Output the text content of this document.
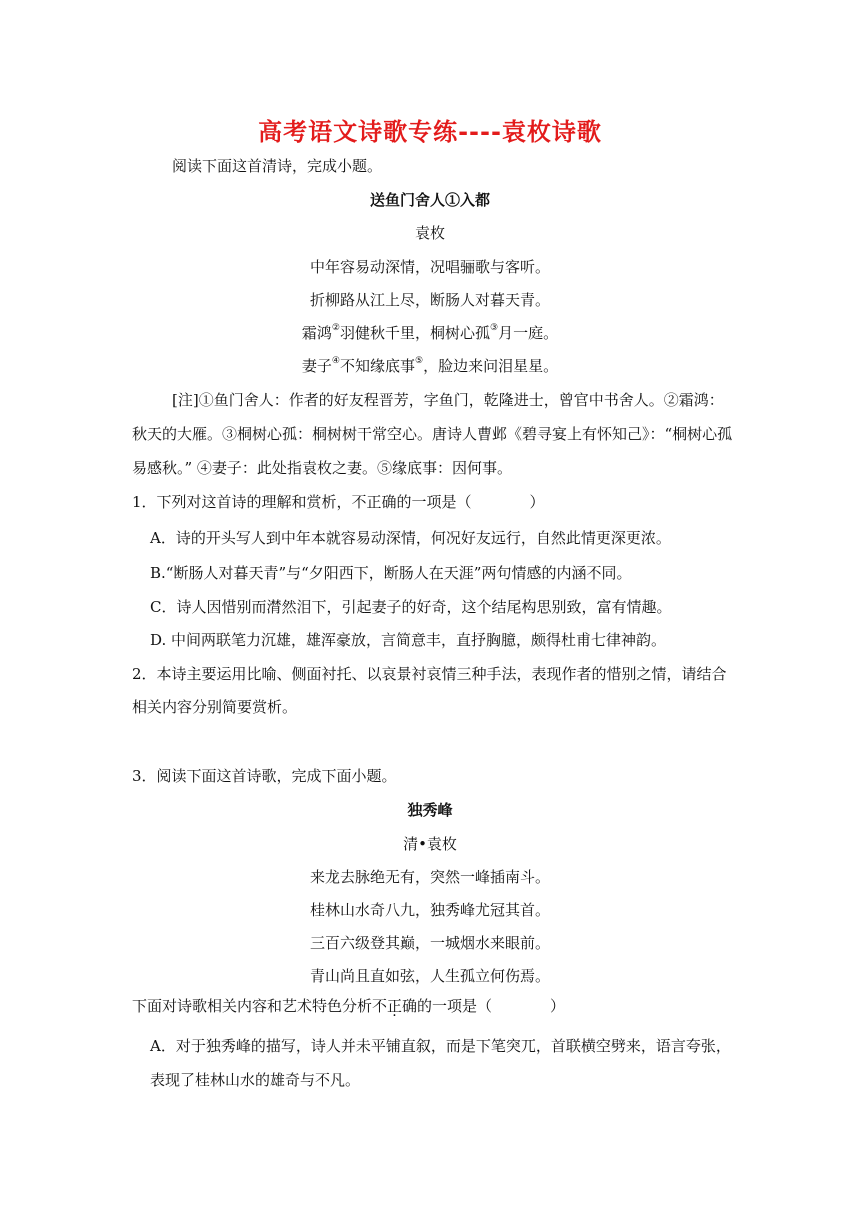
高考语文诗歌专练----袁枚诗歌
阅读下面这首清诗，完成小题。
送鱼门舍人①入都
袁枚
中年容易动深情，况唱骊歌与客听。
折柳路从江上尽，断肠人对暮天青。
霜鸿②羽健秋千里，桐树心孤③月一庭。
妻子④不知缘底事⑤，脸边来问泪星星。
[注]①鱼门舍人：作者的好友程晋芳，字鱼门，乾隆进士，曾官中书舍人。②霜鸿：
秋天的大雁。③桐树心孤：桐树树干常空心。唐诗人曹邺《碧寻宴上有怀知己》：“桐树心孤
易感秋。” ④妻子：此处指袁枚之妻。⑤缘底事：因何事。
1．下列对这首诗的理解和赏析，不正确的一项是（	）
A．诗的开头写人到中年本就容易动深情，何况好友远行，自然此情更深更浓。
B.“断肠人对暮天青”与“夕阳西下，断肠人在天涯”两句情感的内涵不同。
C．诗人因惜别而潸然泪下，引起妻子的好奇，这个结尾构思别致，富有情趣。
D. 中间两联笔力沉雄，雄浑豪放，言简意丰，直抒胸臆，颇得杜甫七律神韵。
2．本诗主要运用比喻、侧面衬托、以哀景衬哀情三种手法，表现作者的惜别之情，请结合
相关内容分别简要赏析。
3．阅读下面这首诗歌，完成下面小题。
独秀峰
清•袁枚
来龙去脉绝无有，突然一峰插南斗。
桂林山水奇八九，独秀峰尤冠其首。
三百六级登其巅，一城烟水来眼前。
青山尚且直如弦，人生孤立何伤焉。
下面对诗歌相关内容和艺术特色分析不正确的一项是（	）
A．对于独秀峰的描写，诗人并未平铺直叙，而是下笔突兀，首联横空劈来，语言夸张，
表现了桂林山水的雄奇与不凡。
